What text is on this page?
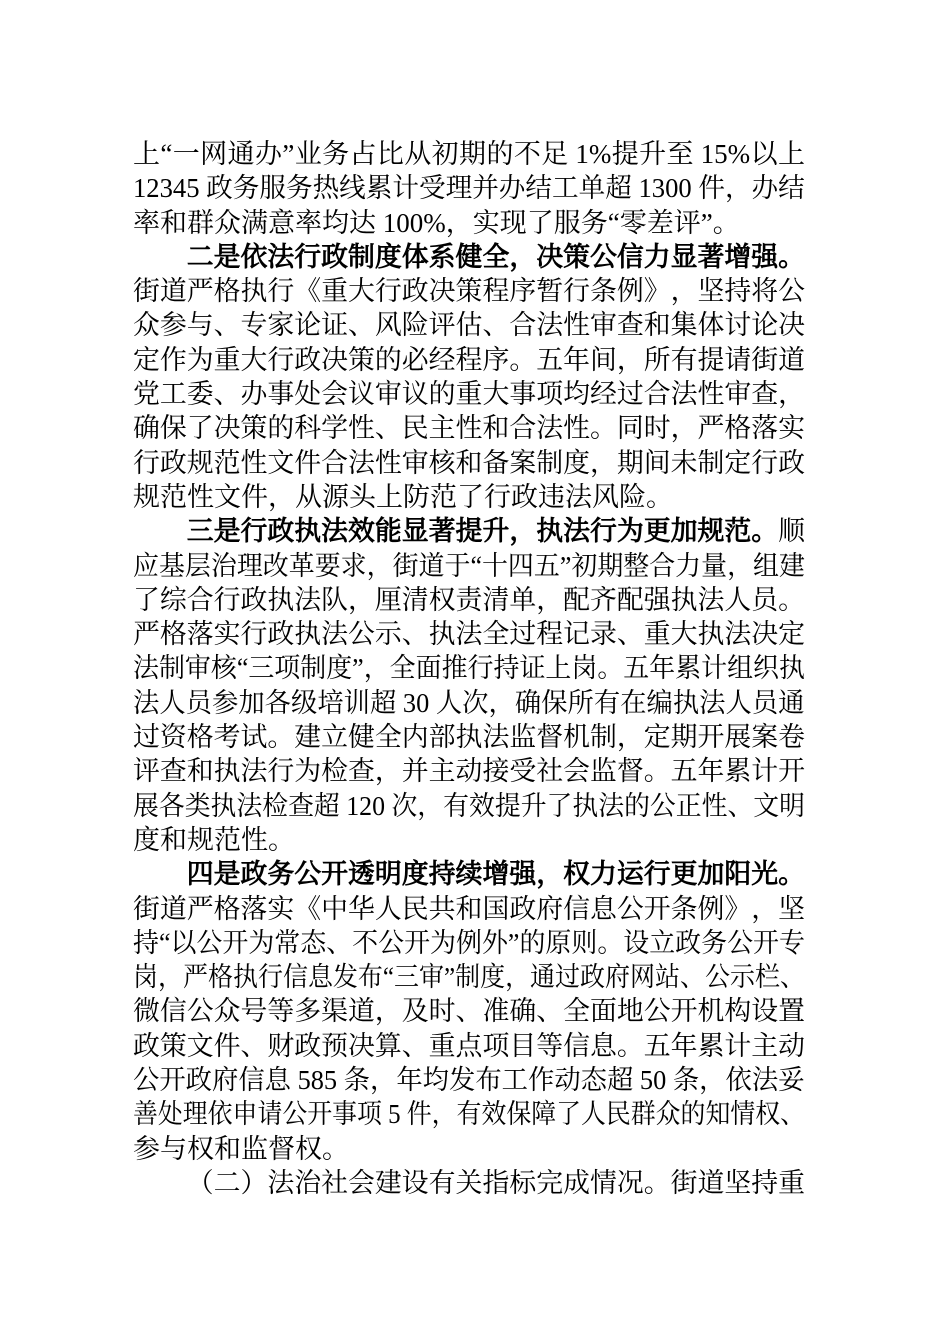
上 “ 一 网 通 办 ” 业 务 占 比 从 初 期 的 不 足 1% 提 升 至 15% 以 上
12345 政 务 服 务 热 线 累 计 受 理 并 办 结 工 单 超 1300 件 ， 办 结
率 和 群 众 满 意 率 均 达 100% ， 实 现 了 服 务 “ 零 差 评 ” 。
二 是 依 法 行 政 制 度 体 系 健 全 ， 决 策 公 信 力 显 著 增 强 。
街 道 严 格 执 行 《 重 大 行 政 决 策 程 序 暂 行 条 例 》 ， 坚 持 将 公
众 参 与 、 专 家 论 证 、 风 险 评 估 、 合 法 性 审 查 和 集 体 讨 论 决
定 作 为 重 大 行 政 决 策 的 必 经 程 序 。 五 年 间 ， 所 有 提 请 街 道
党 工 委 、 办 事 处 会 议 审 议 的 重 大 事 项 均 经 过 合 法 性 审 查 ，
确 保 了 决 策 的 科 学 性 、 民 主 性 和 合 法 性 。 同 时 ， 严 格 落 实
行 政 规 范 性 文 件 合 法 性 审 核 和 备 案 制 度 ， 期 间 未 制 定 行 政
规 范 性 文 件 ， 从 源 头 上 防 范 了 行 政 违 法 风 险 。
三 是 行 政 执 法 效 能 显 著 提 升 ， 执 法 行 为 更 加 规 范 。 顺
应 基 层 治 理 改 革 要 求 ， 街 道 于 “ 十 四 五 ” 初 期 整 合 力 量 ， 组 建
了 综 合 行 政 执 法 队 ， 厘 清 权 责 清 单 ， 配 齐 配 强 执 法 人 员 。
严 格 落 实 行 政 执 法 公 示 、 执 法 全 过 程 记 录 、 重 大 执 法 决 定
法 制 审 核 “ 三 项 制 度 ” ， 全 面 推 行 持 证 上 岗 。 五 年 累 计 组 织 执
法 人 员 参 加 各 级 培 训 超 30 人 次 ， 确 保 所 有 在 编 执 法 人 员 通
过 资 格 考 试 。 建 立 健 全 内 部 执 法 监 督 机 制 ， 定 期 开 展 案 卷
评 查 和 执 法 行 为 检 查 ， 并 主 动 接 受 社 会 监 督 。 五 年 累 计 开
展 各 类 执 法 检 查 超 120 次 ， 有 效 提 升 了 执 法 的 公 正 性 、 文 明
度 和 规 范 性 。
四 是 政 务 公 开 透 明 度 持 续 增 强 ， 权 力 运 行 更 加 阳 光 。
街 道 严 格 落 实 《 中 华 人 民 共 和 国 政 府 信 息 公 开 条 例 》 ， 坚
持 “ 以 公 开 为 常 态 、 不 公 开 为 例 外 ” 的 原 则 。 设 立 政 务 公 开 专
岗 ， 严 格 执 行 信 息 发 布 “ 三 审 ” 制 度 ， 通 过 政 府 网 站 、 公 示 栏 、
微 信 公 众 号 等 多 渠 道 ， 及 时 、 准 确 、 全 面 地 公 开 机 构 设 置
政 策 文 件 、 财 政 预 决 算 、 重 点 项 目 等 信 息 。 五 年 累 计 主 动
公 开 政 府 信 息 585 条 ， 年 均 发 布 工 作 动 态 超 50 条 ， 依 法 妥
善 处 理 依 申 请 公 开 事 项 5 件 ， 有 效 保 障 了 人 民 群 众 的 知 情 权 、
参 与 权 和 监 督 权 。
（ 二 ） 法 治 社 会 建 设 有 关 指 标 完 成 情 况 。 街 道 坚 持 重
